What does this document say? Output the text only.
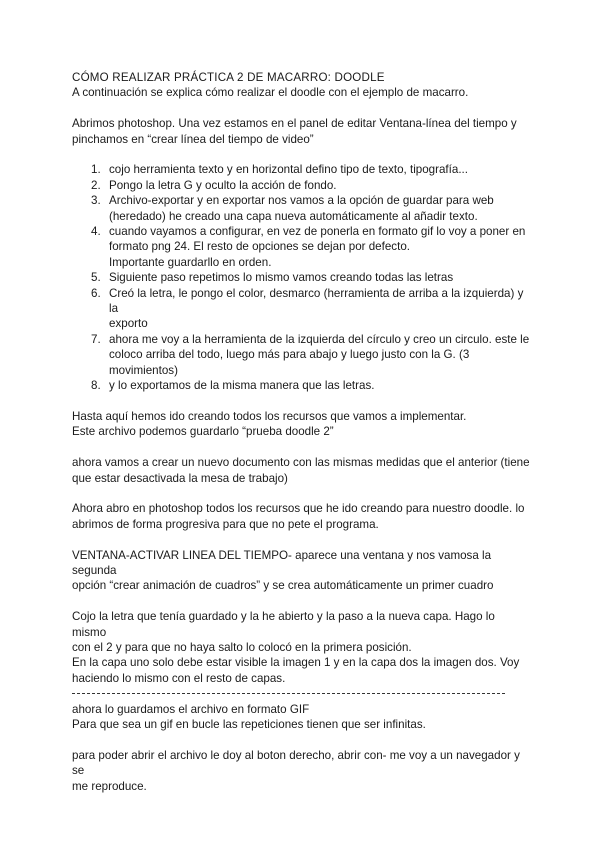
CÓMO REALIZAR PRÁCTICA 2 DE MACARRO: DOODLE

A continuación se explica cómo realizar el doodle con el ejemplo de macarro.

Abrimos photoshop. Una vez estamos en el panel de editar Ventana-línea del tiempo y

pinchamos en “crear línea del tiempo de video”

1. cojo herramienta texto y en horizontal defino tipo de texto, tipografía...
2. Pongo la letra G y oculto la acción de fondo.
3. Archivo-exportar y en exportar nos vamos a la opción de guardar para web
(heredado) he creado una capa nueva automáticamente al añadir texto.
4. cuando vayamos a configurar, en vez de ponerla en formato gif lo voy a poner en
formato png 24. El resto de opciones se dejan por defecto.
Importante guardarllo en orden.
5. Siguiente paso repetimos lo mismo vamos creando todas las letras
6. Creó la letra, le pongo el color, desmarco (herramienta de arriba a la izquierda) y la
exporto
7. ahora me voy a la herramienta de la izquierda del círculo y creo un circulo. este le
coloco arriba del todo, luego más para abajo y luego justo con la G. (3 movimientos)
8. y lo exportamos de la misma manera que las letras.

Hasta aquí hemos ido creando todos los recursos que vamos a implementar.

Este archivo podemos guardarlo “prueba doodle 2”

ahora vamos a crear un nuevo documento con las mismas medidas que el anterior (tiene

que estar desactivada la mesa de trabajo)

Ahora abro en photoshop todos los recursos que he ido creando para nuestro doodle. lo

abrimos de forma progresiva para que no pete el programa.

VENTANA-ACTIVAR LINEA DEL TIEMPO- aparece una ventana y nos vamosa la segunda

opción “crear animación de cuadros” y se crea automáticamente un primer cuadro

Cojo la letra que tenía guardado y la he abierto y la paso a la nueva capa. Hago lo mismo

con el 2 y para que no haya salto lo colocó en la primera posición.

En la capa uno solo debe estar visible la imagen 1 y en la capa dos la imagen dos. Voy

haciendo lo mismo con el resto de capas.

ahora lo guardamos el archivo en formato GIF

Para que sea un gif en bucle las repeticiones tienen que ser infinitas.

para poder abrir el archivo le doy al boton derecho, abrir con- me voy a un navegador y se

me reproduce.
